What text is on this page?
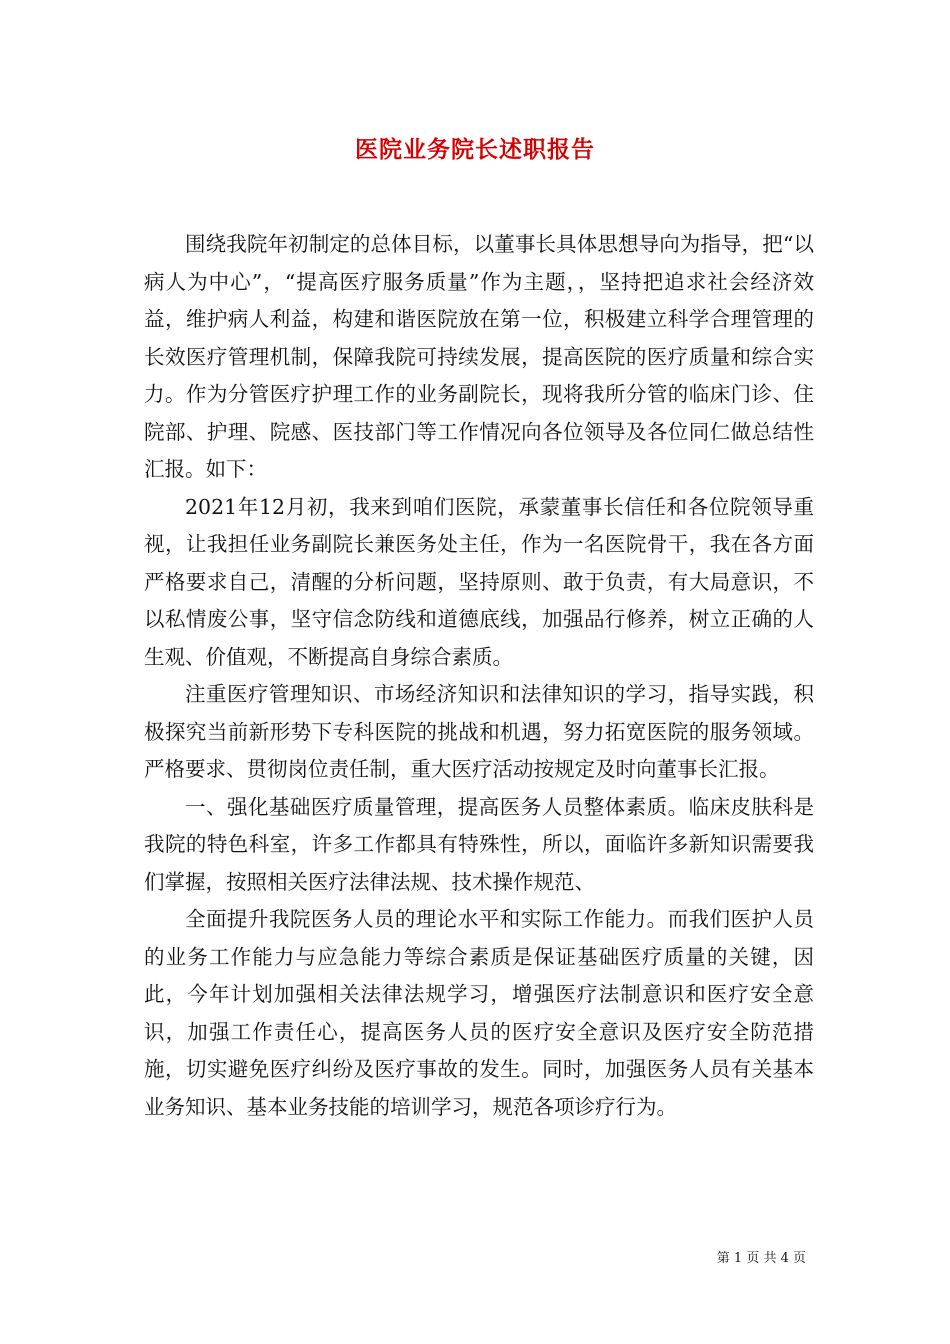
医院业务院长述职报告

围绕我院年初制定的总体目标，以董事长具体思想导向为指导，把“以病人为中心”，“提高医疗服务质量”作为主题，，坚持把追求社会经济效益，维护病人利益，构建和谐医院放在第一位，积极建立科学合理管理的长效医疗管理机制，保障我院可持续发展，提高医院的医疗质量和综合实力。作为分管医疗护理工作的业务副院长，现将我所分管的临床门诊、住院部、护理、院感、医技部门等工作情况向各位领导及各位同仁做总结性汇报。如下：

2021年12月初，我来到咱们医院，承蒙董事长信任和各位院领导重视，让我担任业务副院长兼医务处主任，作为一名医院骨干，我在各方面严格要求自己，清醒的分析问题，坚持原则、敢于负责，有大局意识，不以私情废公事，坚守信念防线和道德底线，加强品行修养，树立正确的人生观、价值观，不断提高自身综合素质。

注重医疗管理知识、市场经济知识和法律知识的学习，指导实践，积极探究当前新形势下专科医院的挑战和机遇，努力拓宽医院的服务领域。严格要求、贯彻岗位责任制，重大医疗活动按规定及时向董事长汇报。

一、强化基础医疗质量管理，提高医务人员整体素质。临床皮肤科是我院的特色科室，许多工作都具有特殊性，所以，面临许多新知识需要我们掌握，按照相关医疗法律法规、技术操作规范、

全面提升我院医务人员的理论水平和实际工作能力。而我们医护人员的业务工作能力与应急能力等综合素质是保证基础医疗质量的关键，因此，今年计划加强相关法律法规学习，增强医疗法制意识和医疗安全意识，加强工作责任心，提高医务人员的医疗安全意识及医疗安全防范措施，切实避免医疗纠纷及医疗事故的发生。同时，加强医务人员有关基本业务知识、基本业务技能的培训学习，规范各项诊疗行为。

第 1 页 共 4 页
